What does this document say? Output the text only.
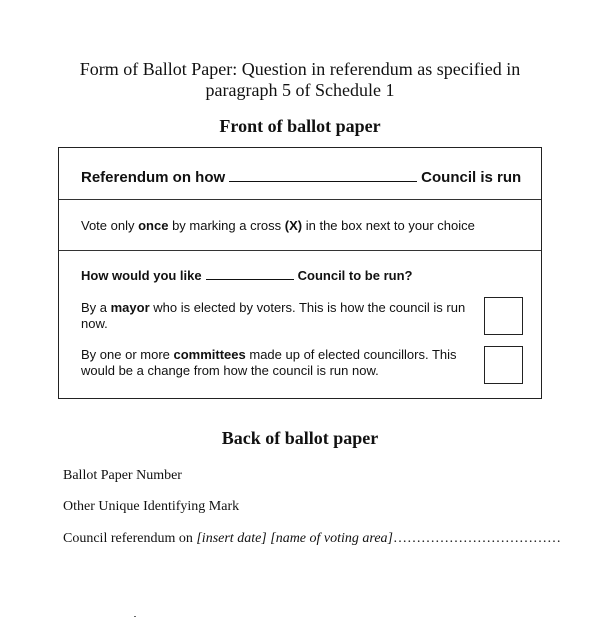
Form of Ballot Paper: Question in referendum as specified in
paragraph 5 of Schedule 1
Front of ballot paper
Referendum on how	Council is run
Vote only once by marking a cross (X) in the box next to your choice
How would you like	Council to be run?
By a mayor who is elected by voters. This is how the council is run now.
By one or more committees made up of elected councillors. This would be a change from how the council is run now.
Back of ballot paper
Ballot Paper Number
Other Unique Identifying Mark
Council referendum on [insert date] [name of voting area]………………………………
